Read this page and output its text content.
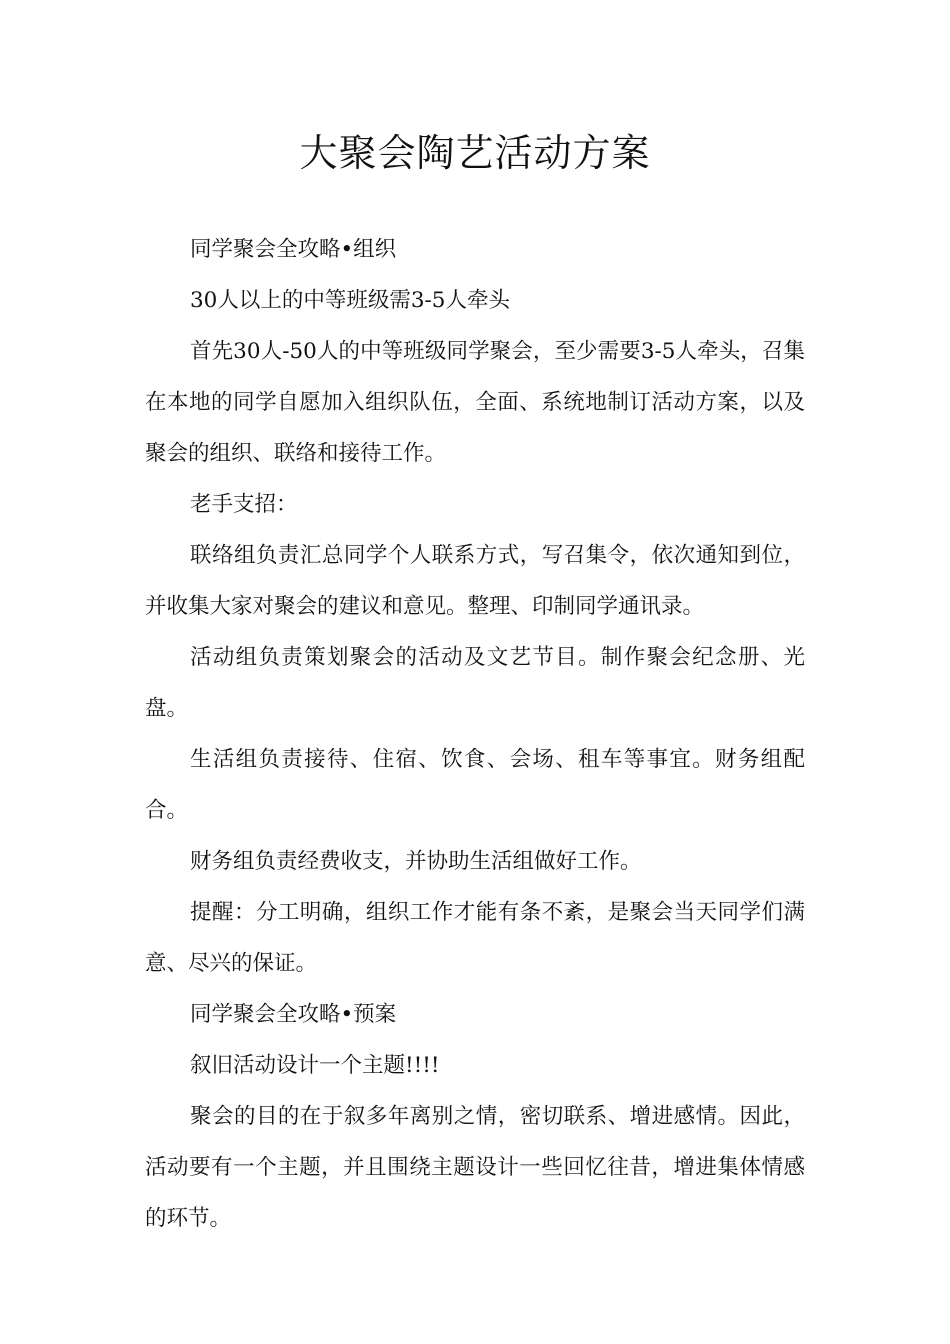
大聚会陶艺活动方案

同学聚会全攻略•组织

30人以上的中等班级需3-5人牵头

首先30人-50人的中等班级同学聚会，至少需要3-5人牵头，召集在本地的同学自愿加入组织队伍，全面、系统地制订活动方案，以及聚会的组织、联络和接待工作。

老手支招：

联络组负责汇总同学个人联系方式，写召集令，依次通知到位，并收集大家对聚会的建议和意见。整理、印制同学通讯录。

活动组负责策划聚会的活动及文艺节目。制作聚会纪念册、光盘。

生活组负责接待、住宿、饮食、会场、租车等事宜。财务组配合。

财务组负责经费收支，并协助生活组做好工作。

提醒：分工明确，组织工作才能有条不紊，是聚会当天同学们满意、尽兴的保证。

同学聚会全攻略•预案

叙旧活动设计一个主题!!!!

聚会的目的在于叙多年离别之情，密切联系、增进感情。因此，活动要有一个主题，并且围绕主题设计一些回忆往昔，增进集体情感的环节。
